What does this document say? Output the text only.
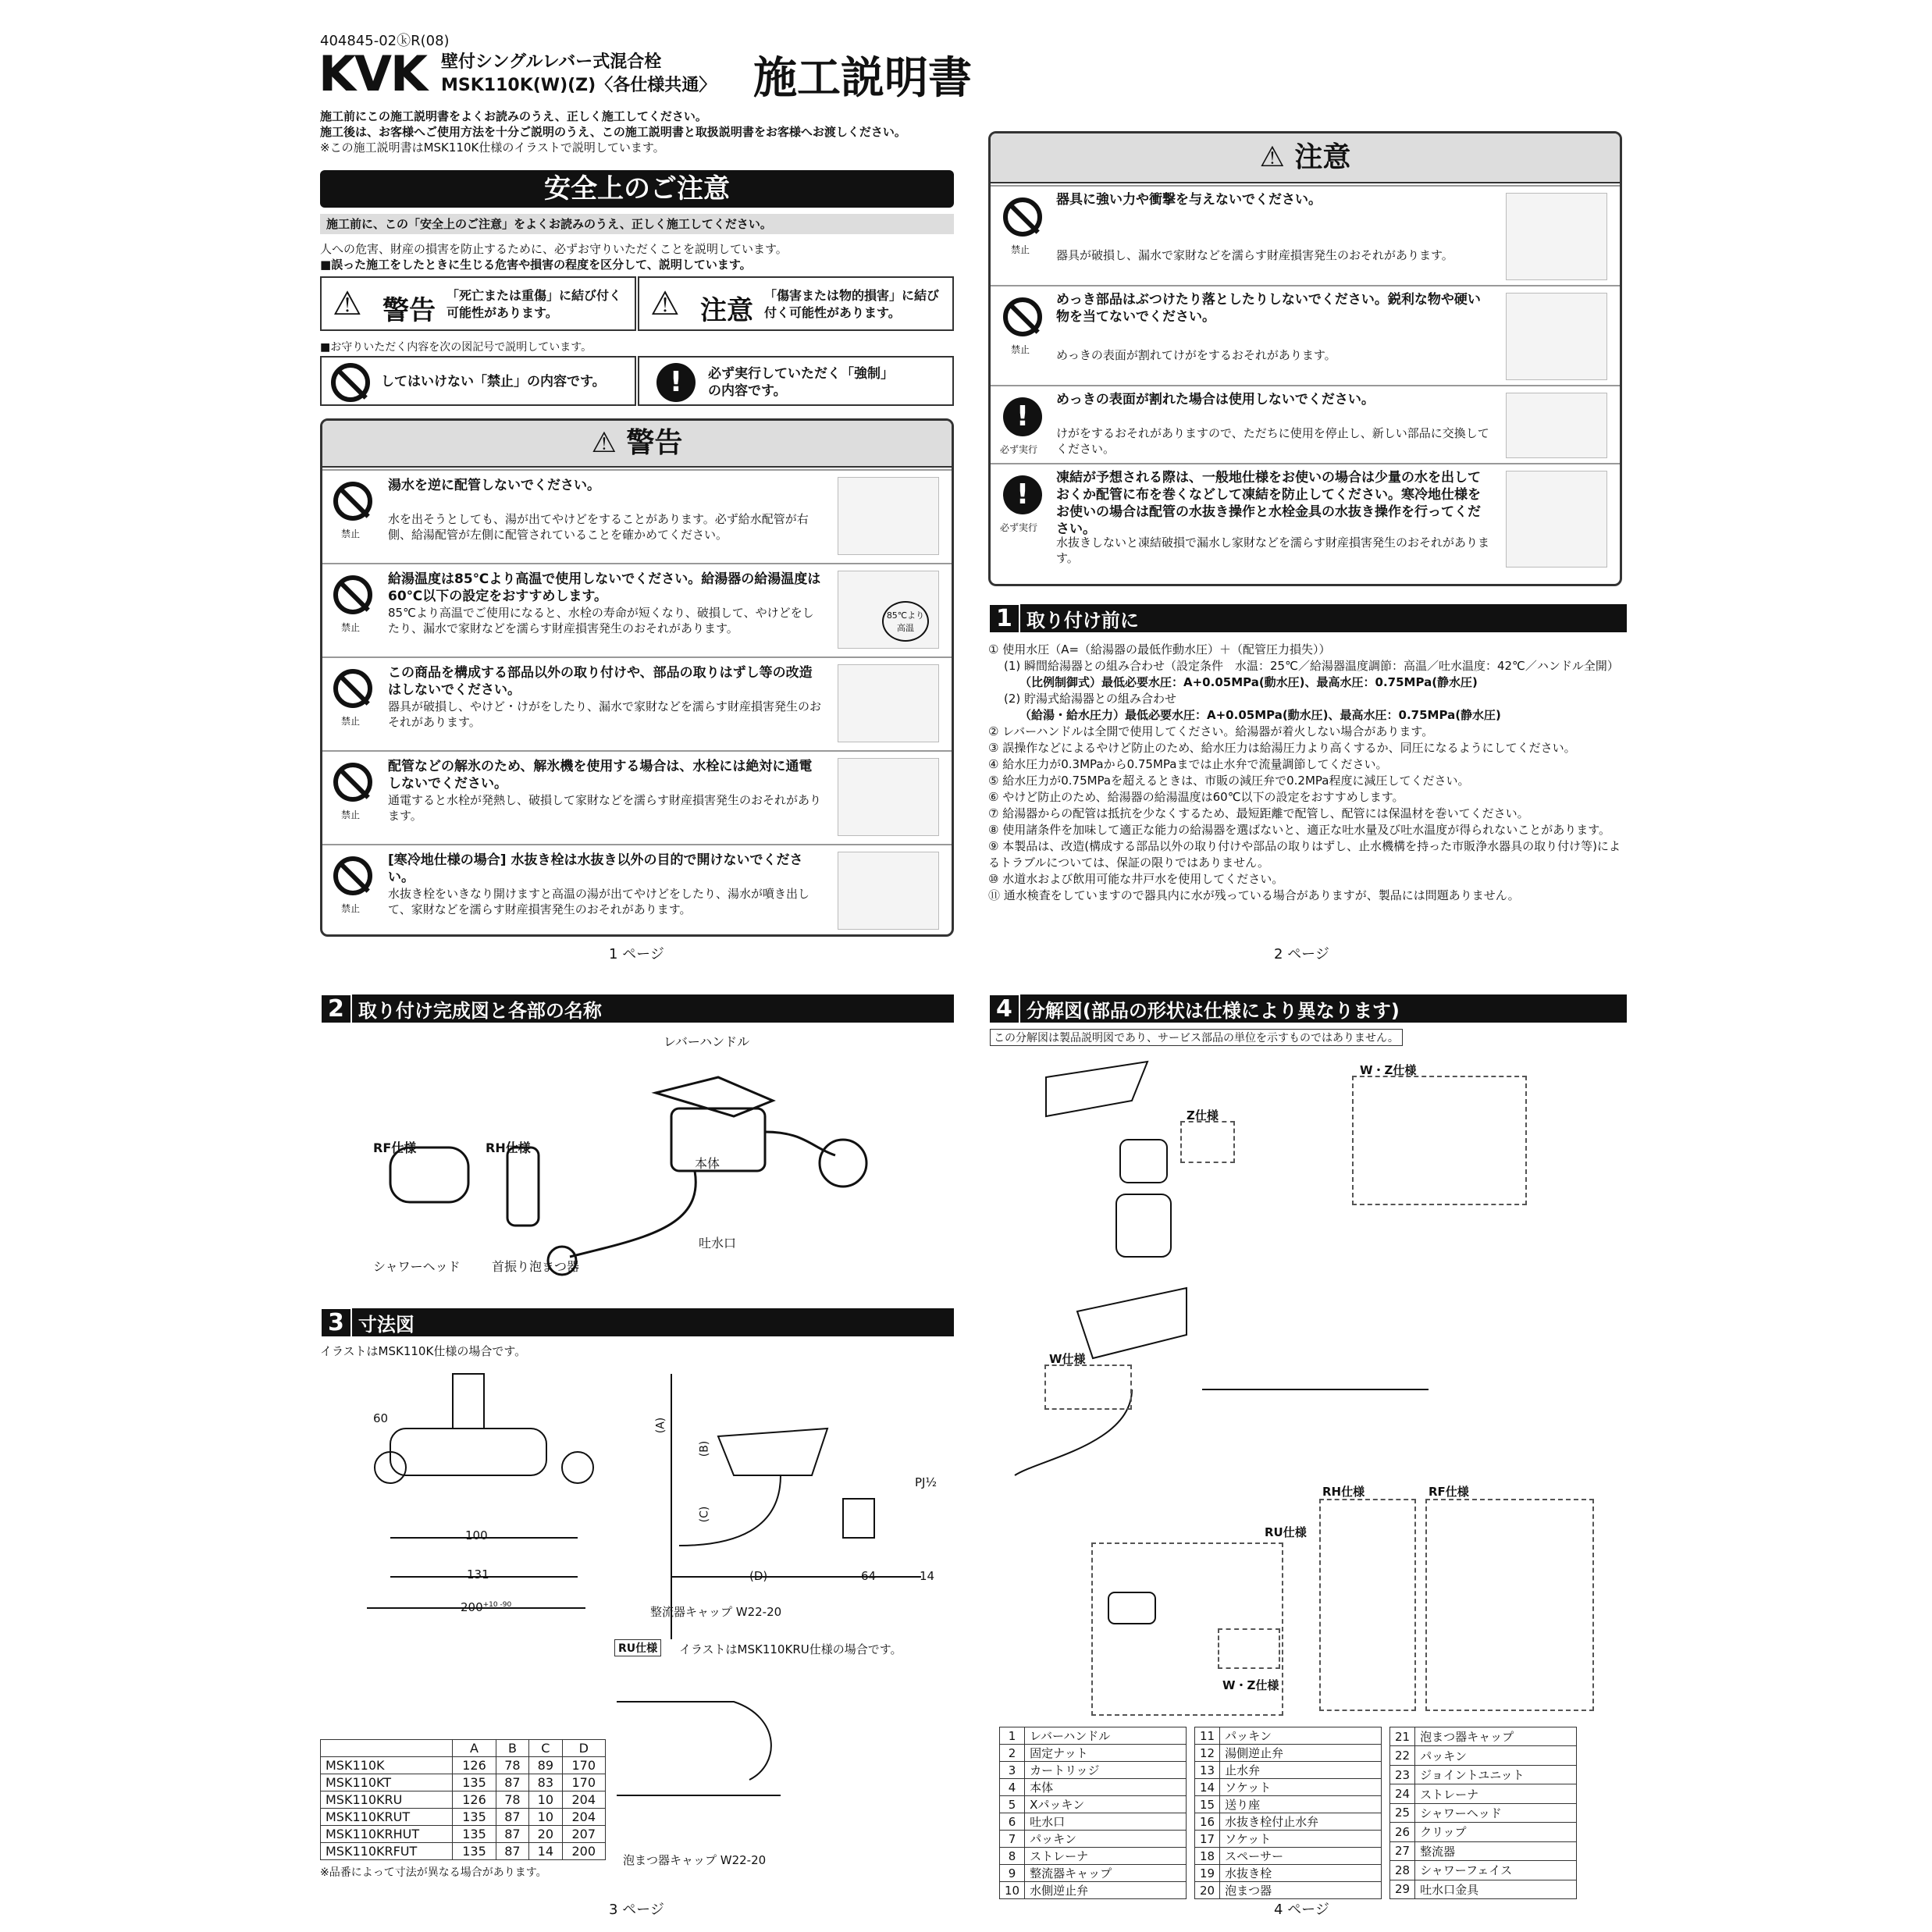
404845-02ⓚR(08)
KVK 壁付シングルレバー式混合栓
MSK110K(W)(Z)〈各仕様共通〉 施工説明書
施工前にこの施工説明書をよくお読みのうえ、正しく施工してください。
施工後は、お客様へご使用方法を十分ご説明のうえ、この施工説明書と取扱説明書をお客様へお渡しください。
※この施工説明書はMSK110K仕様のイラストで説明しています。
安全上のご注意
施工前に、この「安全上のご注意」をよくお読みのうえ、正しく施工してください。
人への危害、財産の損害を防止するために、必ずお守りいただくことを説明しています。
■誤った施工をしたときに生じる危害や損害の程度を区分して、説明しています。
⚠ 警告 「死亡または重傷」に結び付く可能性があります。	⚠ 注意 「傷害または物的損害」に結び付く可能性があります。
■お守りいただく内容を次の図記号で説明しています。
してはいけない「禁止」の内容です。	!	必ず実行していただく「強制」の内容です。
⚠ 警告
禁止
湯水を逆に配管しないでください。
水を出そうとしても、湯が出てやけどをすることがあります。必ず給水配管が右側、給湯配管が左側に配管されていることを確かめてください。
禁止
給湯温度は85℃より高温で使用しないでください。給湯器の給湯温度は60℃以下の設定をおすすめします。
85℃より高温でご使用になると、水栓の寿命が短くなり、破損して、やけどをしたり、漏水で家財などを濡らす財産損害発生のおそれがあります。
禁止
この商品を構成する部品以外の取り付けや、部品の取りはずし等の改造はしないでください。
器具が破損し、やけど・けがをしたり、漏水で家財などを濡らす財産損害発生のおそれがあります。
禁止
配管などの解氷のため、解氷機を使用する場合は、水栓には絶対に通電しないでください。
通電すると水栓が発熱し、破損して家財などを濡らす財産損害発生のおそれがあります。
禁止
[寒冷地仕様の場合] 水抜き栓は水抜き以外の目的で開けないでください。
水抜き栓をいきなり開けますと高温の湯が出てやけどをしたり、湯水が噴き出して、家財などを濡らす財産損害発生のおそれがあります。
1 ページ
⚠ 注意
禁止
器具に強い力や衝撃を与えないでください。
器具が破損し、漏水で家財などを濡らす財産損害発生のおそれがあります。
禁止
めっき部品はぶつけたり落としたりしないでください。鋭利な物や硬い物を当てないでください。
めっきの表面が割れてけがをするおそれがあります。
!
必ず実行
めっきの表面が割れた場合は使用しないでください。
けがをするおそれがありますので、ただちに使用を停止し、新しい部品に交換してください。
!
必ず実行
凍結が予想される際は、一般地仕様をお使いの場合は少量の水を出しておくか配管に布を巻くなどして凍結を防止してください。寒冷地仕様をお使いの場合は配管の水抜き操作と水栓金具の水抜き操作を行ってください。
水抜きしないと凍結破損で漏水し家財などを濡らす財産損害発生のおそれがあります。
1 取り付け前に
① 使用水圧（A=（給湯器の最低作動水圧）＋（配管圧力損失））
(1) 瞬間給湯器との組み合わせ（設定条件　水温：25℃／給湯器温度調節：高温／吐水温度：42℃／ハンドル全開）
（比例制御式）最低必要水圧：A+0.05MPa(動水圧)、最高水圧：0.75MPa(静水圧)
(2) 貯湯式給湯器との組み合わせ
（給湯・給水圧力）最低必要水圧：A+0.05MPa(動水圧)、最高水圧：0.75MPa(静水圧)
② レバーハンドルは全開で使用してください。給湯器が着火しない場合があります。
③ 誤操作などによるやけど防止のため、給水圧力は給湯圧力より高くするか、同圧になるようにしてください。
④ 給水圧力が0.3MPaから0.75MPaまでは止水弁で流量調節してください。
⑤ 給水圧力が0.75MPaを超えるときは、市販の減圧弁で0.2MPa程度に減圧してください。
⑥ やけど防止のため、給湯器の給湯温度は60℃以下の設定をおすすめします。
⑦ 給湯器からの配管は抵抗を少なくするため、最短距離で配管し、配管には保温材を巻いてください。
⑧ 使用諸条件を加味して適正な能力の給湯器を選ばないと、適正な吐水量及び吐水温度が得られないことがあります。
⑨ 本製品は、改造(構成する部品以外の取り付けや部品の取りはずし、止水機構を持った市販浄水器具の取り付け等)によるトラブルについては、保証の限りではありません。
⑩ 水道水および飲用可能な井戸水を使用してください。
⑪ 通水検査をしていますので器具内に水が残っている場合がありますが、製品には問題ありません。
2 ページ
2 取り付け完成図と各部の名称
レバーハンドル
本体
吐水口
RF仕様	RH仕様
シャワーヘッド	首振り泡まつ器
3 寸法図
イラストはMSK110K仕様の場合です。
60
100
131
$200^{+10 -90}$
(A)
(B)
(C)
(D)	64	14
PJ½
整流器キャップ W22-20
RU仕様	イラストはMSK110KRU仕様の場合です。
泡まつ器キャップ W22-20
	A	B	C	D
MSK110K	126	78	89	170
MSK110KT	135	87	83	170
MSK110KRU	126	78	10	204
MSK110KRUT	135	87	10	204
MSK110KRHUT	135	87	20	207
MSK110KRFUT	135	87	14	200
※品番によって寸法が異なる場合があります。
3 ページ
4 分解図(部品の形状は仕様により異なります)
この分解図は製品説明図であり、サービス部品の単位を示すものではありません。
W・Z仕様
Z仕様
W仕様
RU仕様
W・Z仕様
RH仕様	RF仕様
1	レバーハンドル
2	固定ナット
3	カートリッジ
4	本体
5	Xパッキン
6	吐水口
7	パッキン
8	ストレーナ
9	整流器キャップ
10	水側逆止弁
11	パッキン
12	湯側逆止弁
13	止水弁
14	ソケット
15	送り座
16	水抜き栓付止水弁
17	ソケット
18	スペーサー
19	水抜き栓
20	泡まつ器
21	泡まつ器キャップ
22	パッキン
23	ジョイントユニット
24	ストレーナ
25	シャワーヘッド
26	クリップ
27	整流器
28	シャワーフェイス
29	吐水口金具
4 ページ
85℃より高温
